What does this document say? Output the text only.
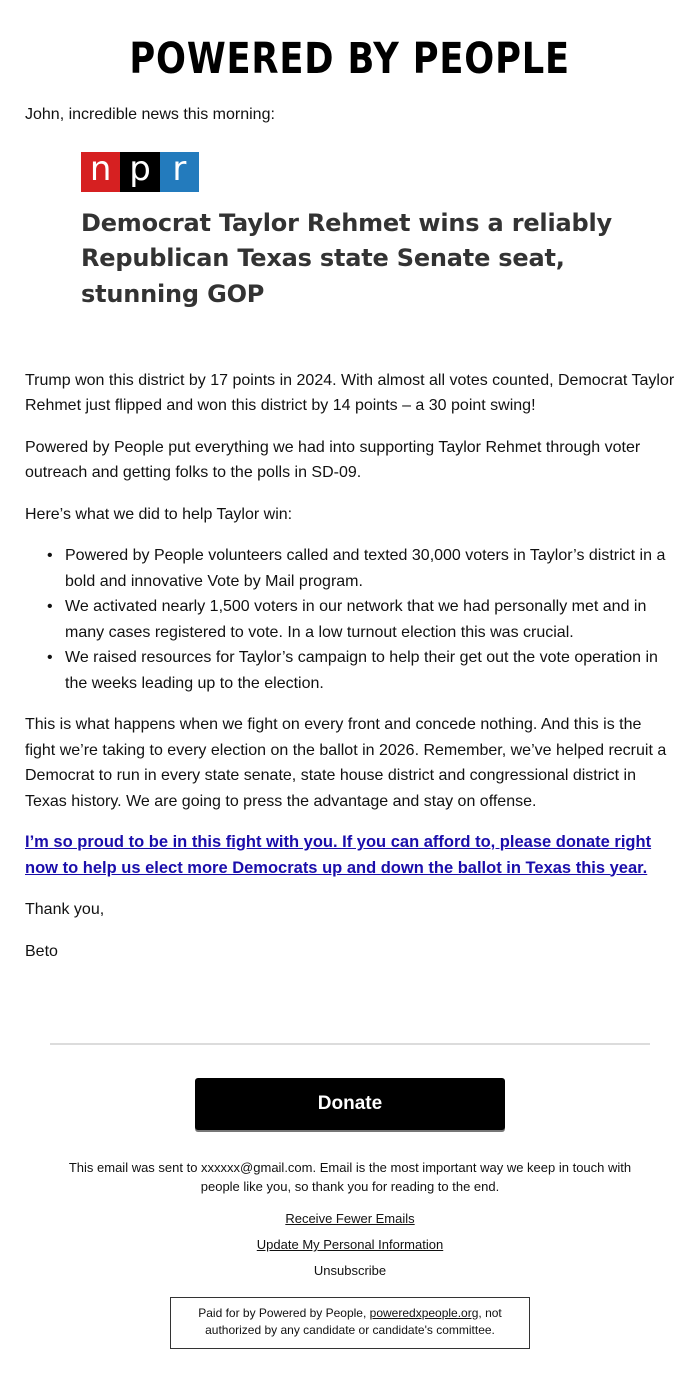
POWERED BY PEOPLE

John, incredible news this morning:

n p r
Democrat Taylor Rehmet wins a reliably Republican Texas state Senate seat, stunning GOP

Trump won this district by 17 points in 2024. With almost all votes counted, Democrat Taylor Rehmet just flipped and won this district by 14 points – a 30 point swing!

Powered by People put everything we had into supporting Taylor Rehmet through voter outreach and getting folks to the polls in SD-09.

Here’s what we did to help Taylor win:

• Powered by People volunteers called and texted 30,000 voters in Taylor’s district in a bold and innovative Vote by Mail program.
• We activated nearly 1,500 voters in our network that we had personally met and in many cases registered to vote. In a low turnout election this was crucial.
• We raised resources for Taylor’s campaign to help their get out the vote operation in the weeks leading up to the election.

This is what happens when we fight on every front and concede nothing. And this is the fight we’re taking to every election on the ballot in 2026. Remember, we’ve helped recruit a Democrat to run in every state senate, state house district and congressional district in Texas history. We are going to press the advantage and stay on offense.

I’m so proud to be in this fight with you. If you can afford to, please donate right now to help us elect more Democrats up and down the ballot in Texas this year.

Thank you,

Beto

Donate

This email was sent to xxxxxx@gmail.com. Email is the most important way we keep in touch with people like you, so thank you for reading to the end.

Receive Fewer Emails
Update My Personal Information
Unsubscribe
Paid for by Powered by People, poweredxpeople.org, not authorized by any candidate or candidate's committee.
